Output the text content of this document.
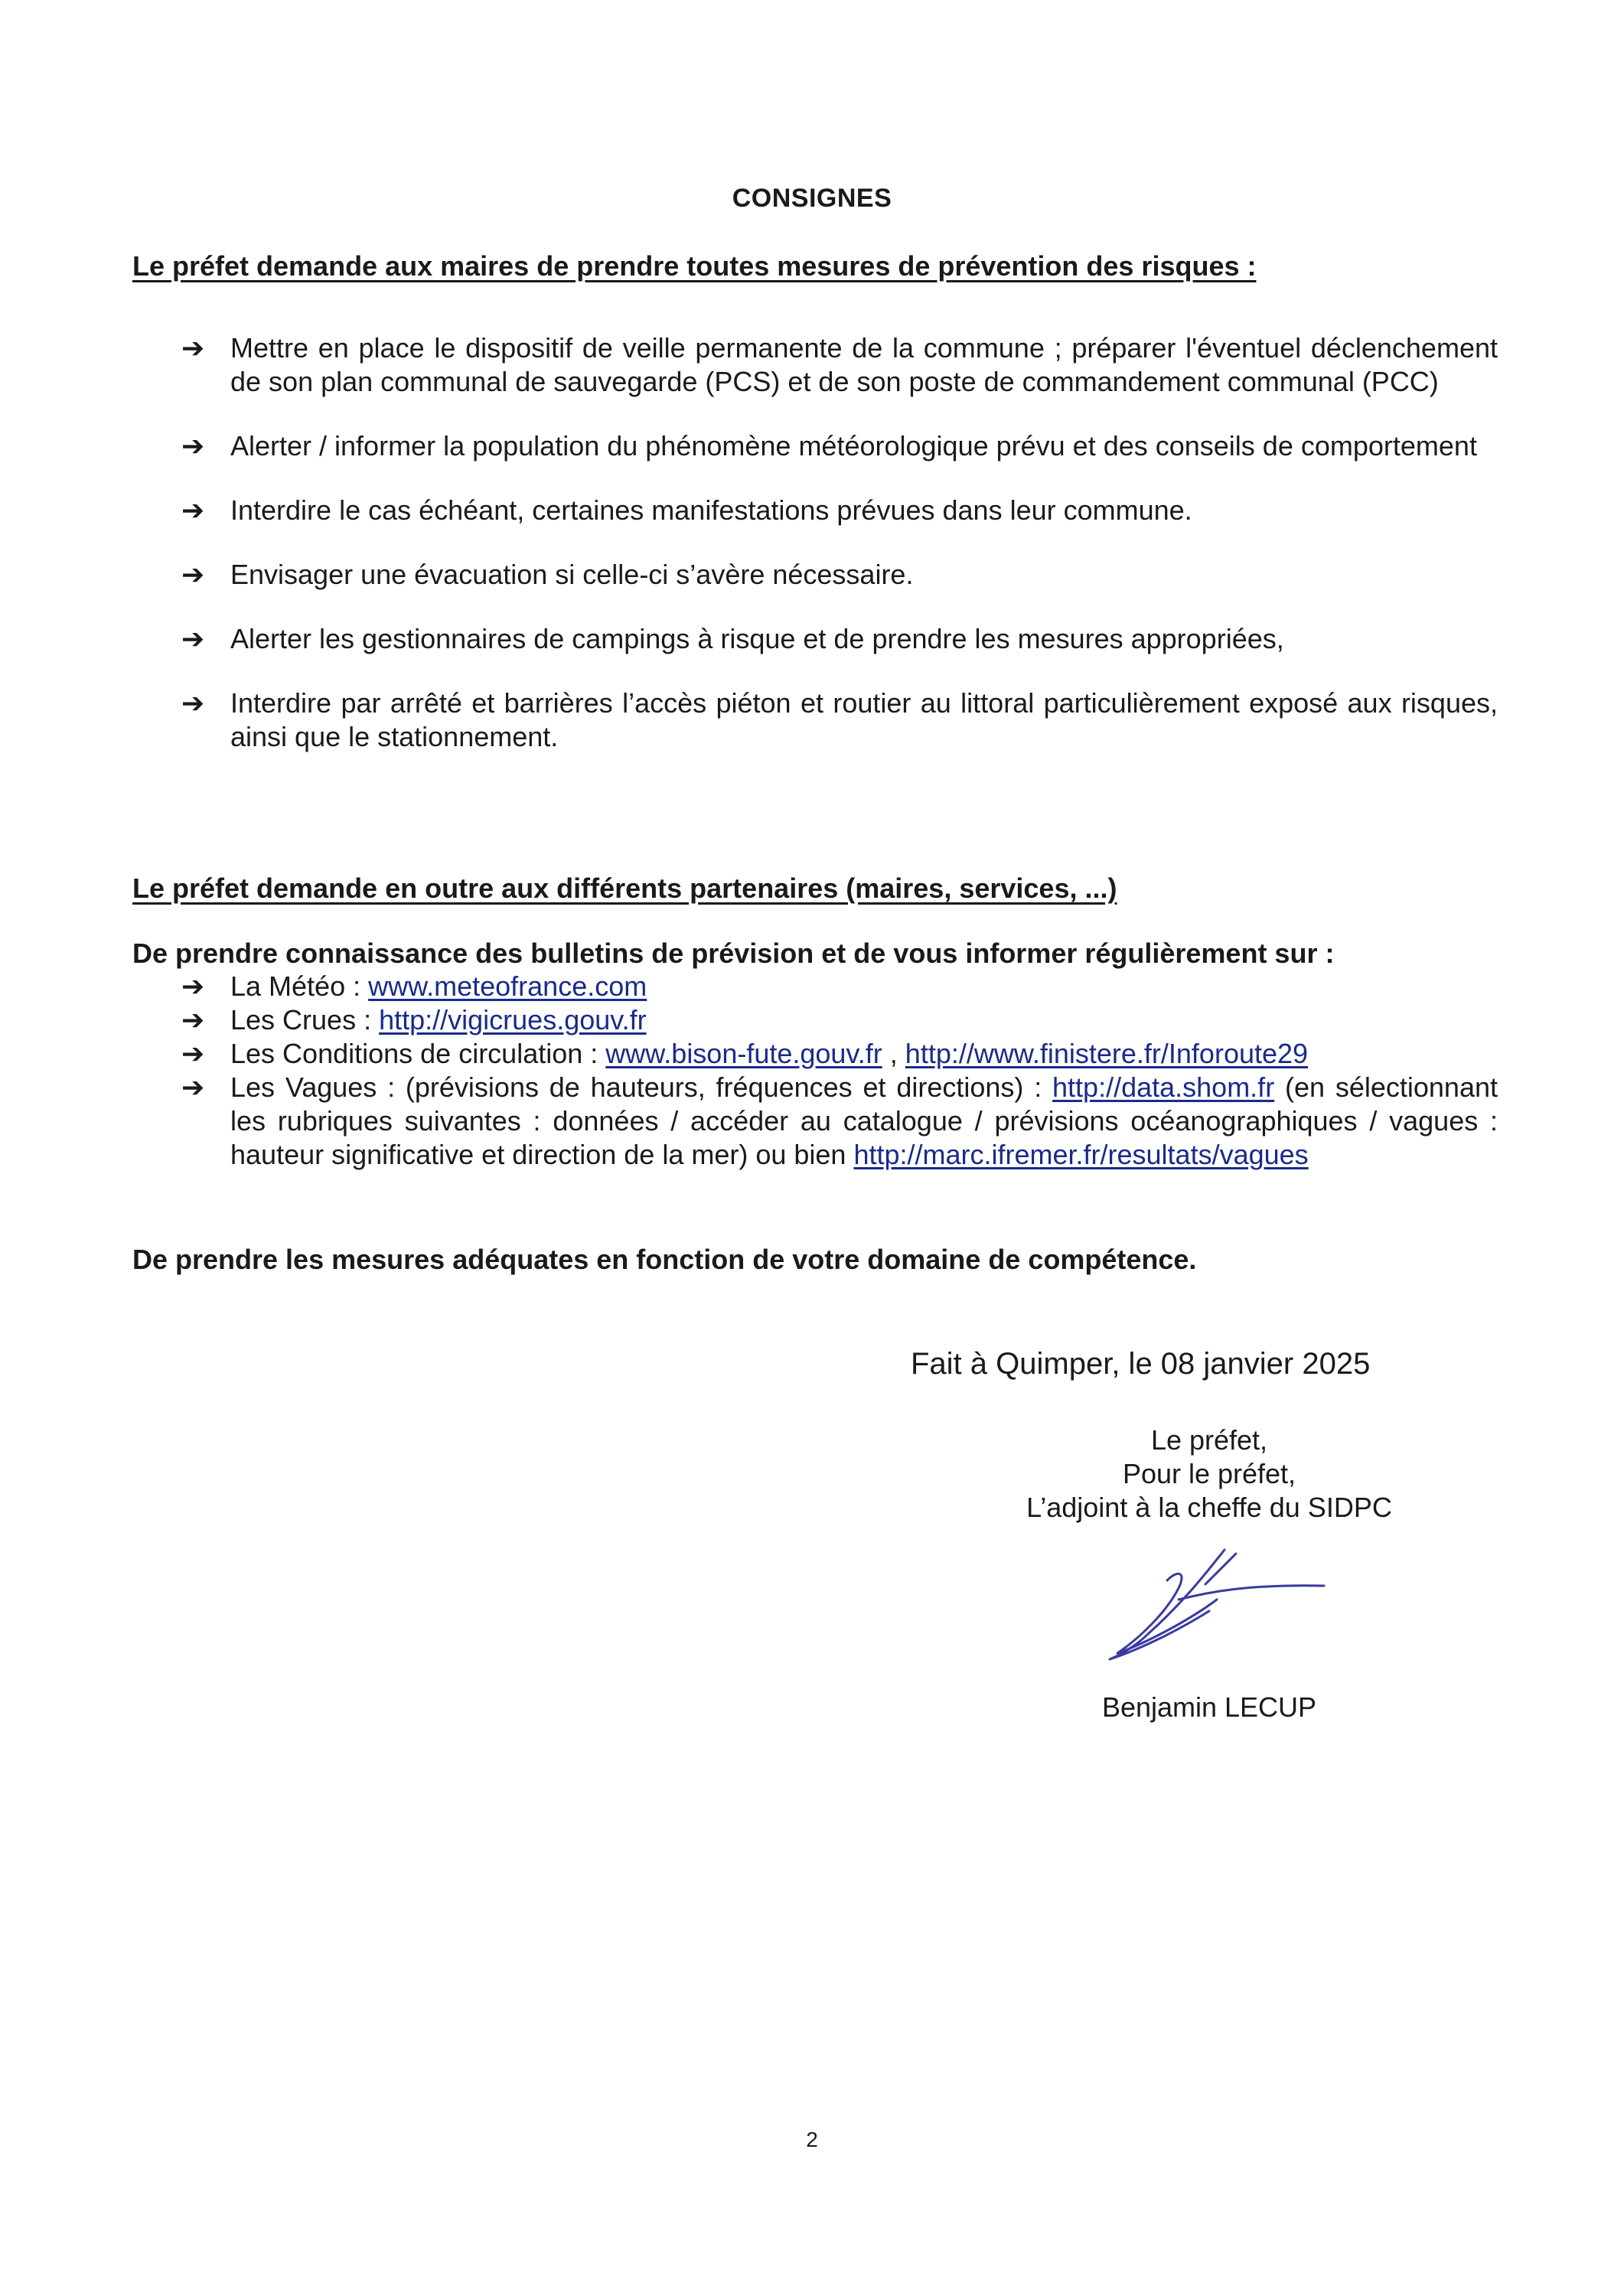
CONSIGNES
Le préfet demande aux maires de prendre toutes mesures de prévention des risques :
➔ Mettre en place le dispositif de veille permanente de la commune ; préparer l'éventuel déclenchement de son plan communal de sauvegarde (PCS) et de son poste de commandement communal (PCC)
➔ Alerter / informer la population du phénomène météorologique prévu et des conseils de comportement
➔ Interdire le cas échéant, certaines manifestations prévues dans leur commune.
➔ Envisager une évacuation si celle-ci s’avère nécessaire.
➔ Alerter les gestionnaires de campings à risque et de prendre les mesures appropriées,
➔ Interdire par arrêté et barrières l’accès piéton et routier au littoral particulièrement exposé aux risques, ainsi que le stationnement.
Le préfet demande en outre aux différents partenaires (maires, services, ...)
De prendre connaissance des bulletins de prévision et de vous informer régulièrement sur :
➔ La Météo : www.meteofrance.com
➔ Les Crues : http://vigicrues.gouv.fr
➔ Les Conditions de circulation : www.bison-fute.gouv.fr , http://www.finistere.fr/Inforoute29
➔ Les Vagues : (prévisions de hauteurs, fréquences et directions) : http://data.shom.fr (en sélectionnant les rubriques suivantes : données / accéder au catalogue / prévisions océanographiques / vagues : hauteur significative et direction de la mer) ou bien http://marc.ifremer.fr/resultats/vagues
De prendre les mesures adéquates en fonction de votre domaine de compétence.
Fait à Quimper, le 08 janvier 2025
Le préfet,
Pour le préfet,
L’adjoint à la cheffe du SIDPC
Benjamin LECUP
2
